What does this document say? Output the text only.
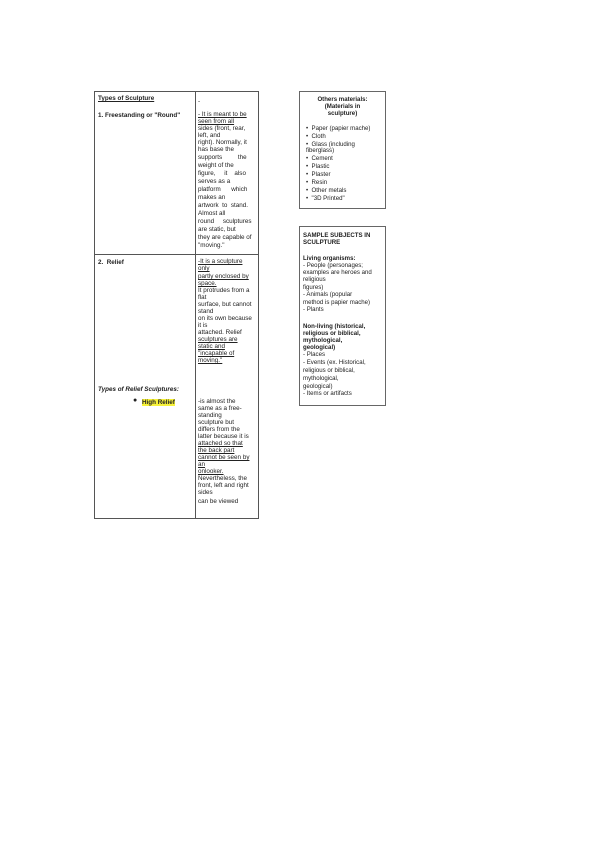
Types of Sculpture	-
1. Freestanding or "Round"	- It is meant to be
seen from all
sides (front, rear,
left, and
right). Normally, it
has base the
supports         the
weight of the
figure,     it    also
serves as a
platform      which
makes an
artwork  to  stand.
Almost all
round     sculptures
are static, but
they are capable of
"moving."
2.  Relief	-It is a sculpture
only
partly enclosed by
space.
It protrudes from a
flat
surface, but cannot
stand
on its own because
it is
attached. Relief
sculptures are
static and
"incapable of
moving."
Types of Relief Sculptures:
● High Relief	-is almost the
same as a free-
standing
sculpture but
differs from the
latter because it is
attached so that
the back part
cannot be seen by
an
onlooker.
Nevertheless, the
front, left and right
sides
can be viewed
Others materials:
(Materials in
sculpture)
•  Paper (papier mache)
•  Cloth
•  Glass (including
fiberglass)
•  Cement
•  Plastic
•  Plaster
•  Resin
•  Other metals
•  "3D Printed"
SAMPLE SUBJECTS IN
SCULPTURE
Living organisms:
- People (personages;
examples are heroes and
religious
figures)
- Animals (popular
method is papier mache)
- Plants
Non-living (historical,
religious or biblical,
mythological,
geological)
- Places
- Events (ex. Historical,
religious or biblical,
mythological,
geological)
- Items or artifacts
